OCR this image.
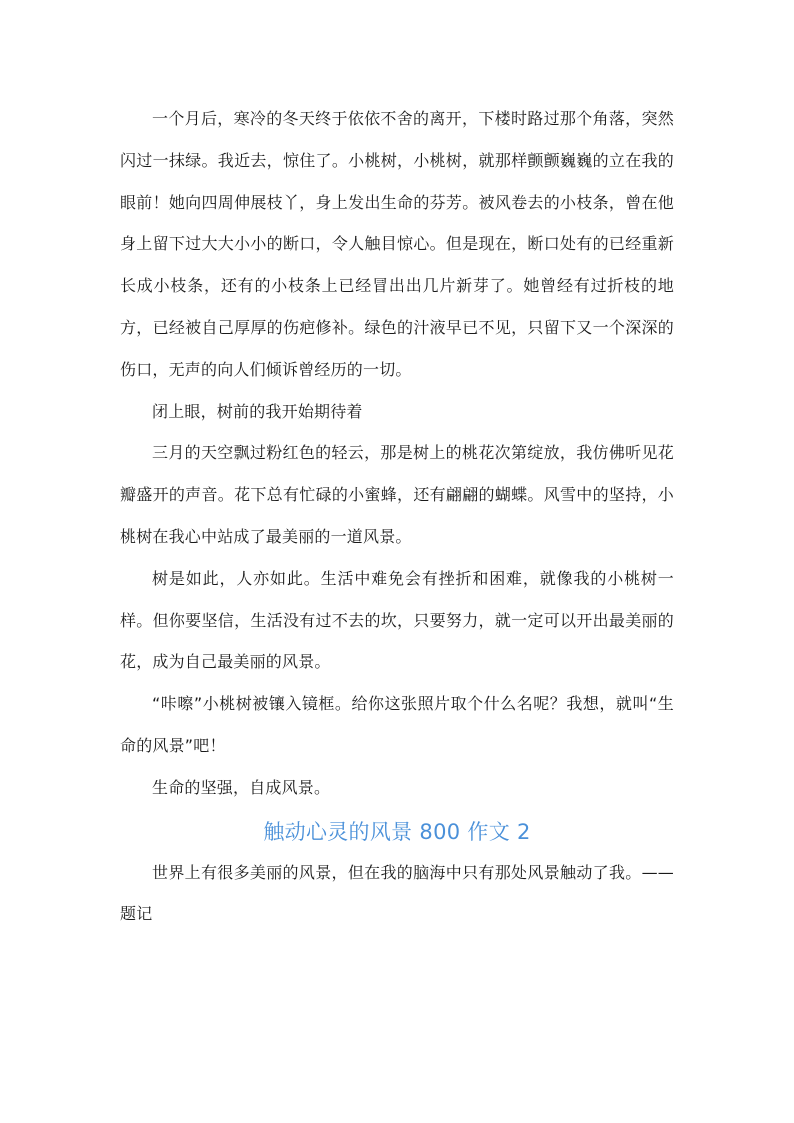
一个月后，寒冷的冬天终于依依不舍的离开，下楼时路过那个角落，突然闪过一抹绿。我近去，惊住了。小桃树，小桃树，就那样颤颤巍巍的立在我的眼前！她向四周伸展枝丫，身上发出生命的芬芳。被风卷去的小枝条，曾在他身上留下过大大小小的断口，令人触目惊心。但是现在，断口处有的已经重新长成小枝条，还有的小枝条上已经冒出出几片新芽了。她曾经有过折枝的地方，已经被自己厚厚的伤疤修补。绿色的汁液早已不见，只留下又一个深深的伤口，无声的向人们倾诉曾经历的一切。

闭上眼，树前的我开始期待着

三月的天空飘过粉红色的轻云，那是树上的桃花次第绽放，我仿佛听见花瓣盛开的声音。花下总有忙碌的小蜜蜂，还有翩翩的蝴蝶。风雪中的坚持，小桃树在我心中站成了最美丽的一道风景。

树是如此，人亦如此。生活中难免会有挫折和困难，就像我的小桃树一样。但你要坚信，生活没有过不去的坎，只要努力，就一定可以开出最美丽的花，成为自己最美丽的风景。

“咔嚓”小桃树被镶入镜框。给你这张照片取个什么名呢？我想，就叫“生命的风景”吧！

生命的坚强，自成风景。

触动心灵的风景 800 作文 2

世界上有很多美丽的风景，但在我的脑海中只有那处风景触动了我。——题记
